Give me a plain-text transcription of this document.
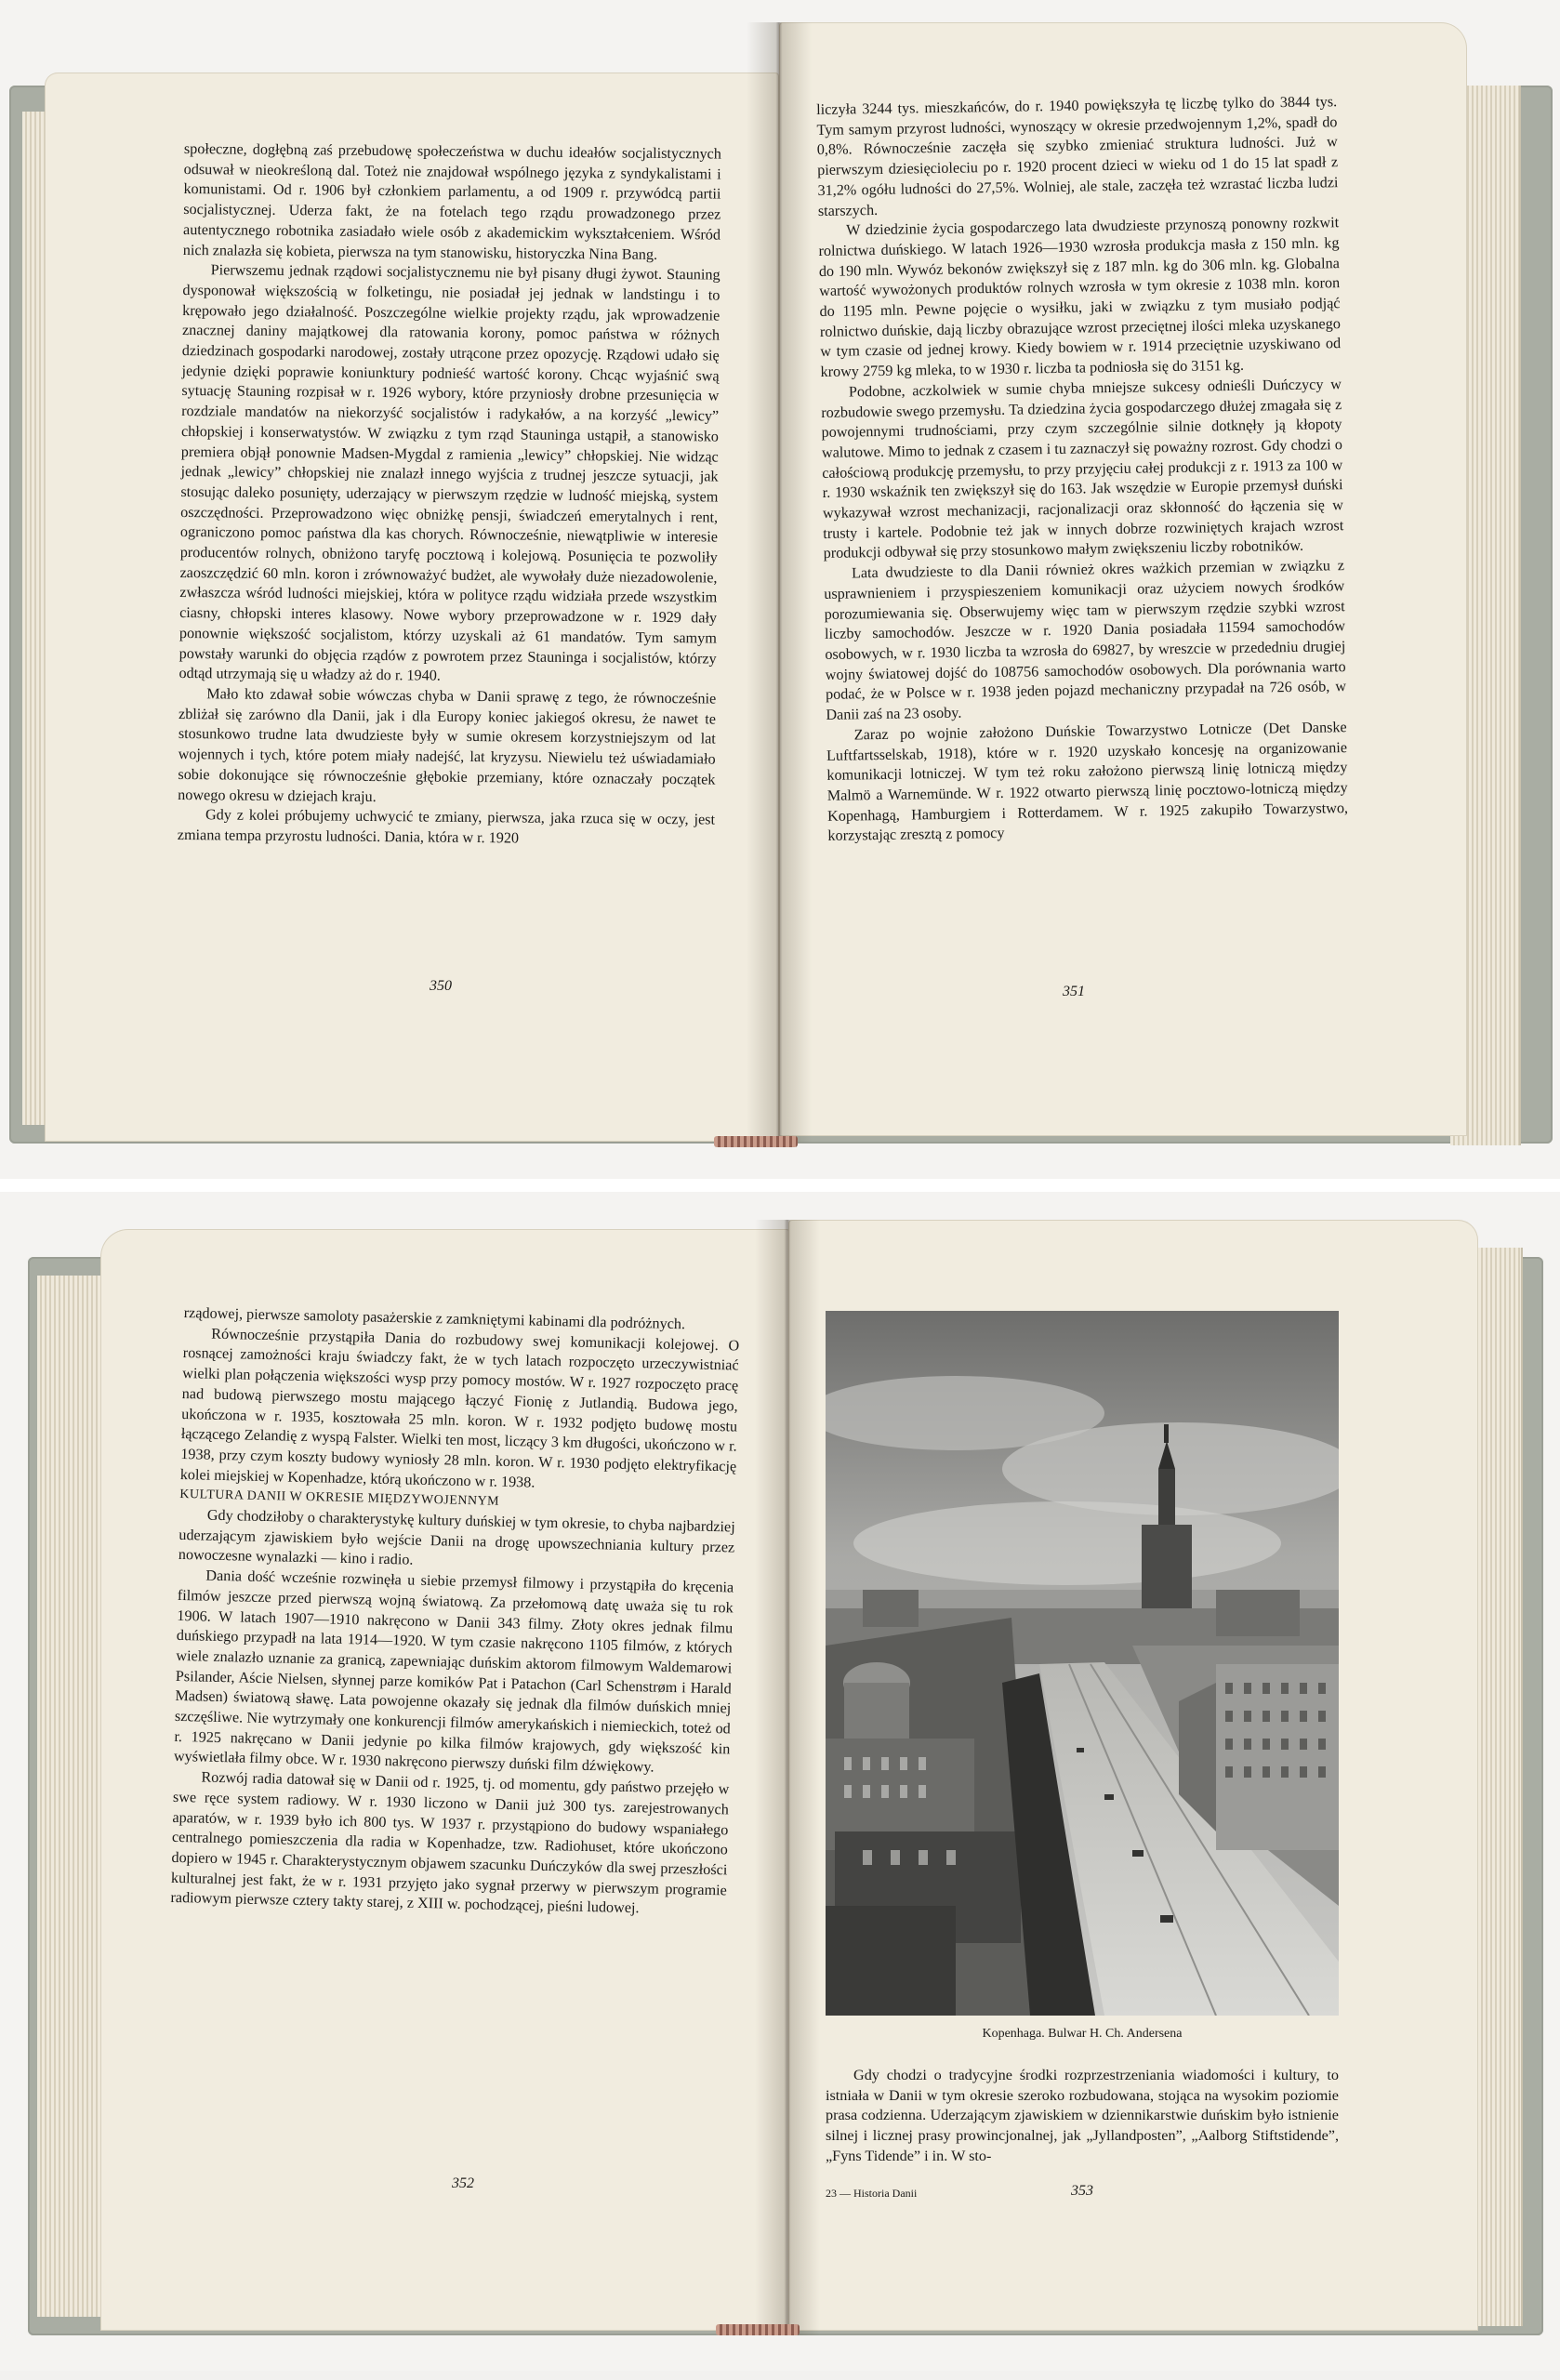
społeczne, dogłębną zaś przebudowę społeczeństwa w duchu ideałów socjalistycznych odsuwał w nieokreśloną dal. Toteż nie znajdował wspólnego języka z syndykalistami i komunistami. Od r. 1906 był członkiem parlamentu, a od 1909 r. przywódcą partii socjalistycznej. Uderza fakt, że na fotelach tego rządu prowadzonego przez autentycznego robotnika zasiadało wiele osób z akademickim wykształceniem. Wśród nich znalazła się kobieta, pierwsza na tym stanowisku, historyczka Nina Bang.

Pierwszemu jednak rządowi socjalistycznemu nie był pisany długi żywot. Stauning dysponował większością w folketingu, nie posiadał jej jednak w landstingu i to krępowało jego działalność. Poszczególne wielkie projekty rządu, jak wprowadzenie znacznej daniny majątkowej dla ratowania korony, pomoc państwa w różnych dziedzinach gospodarki narodowej, zostały utrącone przez opozycję. Rządowi udało się jedynie dzięki poprawie koniunktury podnieść wartość korony. Chcąc wyjaśnić swą sytuację Stauning rozpisał w r. 1926 wybory, które przyniosły drobne przesunięcia w rozdziale mandatów na niekorzyść socjalistów i radykałów, a na korzyść „lewicy” chłopskiej i konserwatystów. W związku z tym rząd Stauninga ustąpił, a stanowisko premiera objął ponownie Madsen-Mygdal z ramienia „lewicy” chłopskiej. Nie widząc jednak „lewicy” chłopskiej nie znalazł innego wyjścia z trudnej jeszcze sytuacji, jak stosując daleko posunięty, uderzający w pierwszym rzędzie w ludność miejską, system oszczędności. Przeprowadzono więc obniżkę pensji, świadczeń emerytalnych i rent, ograniczono pomoc państwa dla kas chorych. Równocześnie, niewątpliwie w interesie producentów rolnych, obniżono taryfę pocztową i kolejową. Posunięcia te pozwoliły zaoszczędzić 60 mln. koron i zrównoważyć budżet, ale wywołały duże niezadowolenie, zwłaszcza wśród ludności miejskiej, która w polityce rządu widziała przede wszystkim ciasny, chłopski interes klasowy. Nowe wybory przeprowadzone w r. 1929 dały ponownie większość socjalistom, którzy uzyskali aż 61 mandatów. Tym samym powstały warunki do objęcia rządów z powrotem przez Stauninga i socjalistów, którzy odtąd utrzymają się u władzy aż do r. 1940.

Mało kto zdawał sobie wówczas chyba w Danii sprawę z tego, że równocześnie zbliżał się zarówno dla Danii, jak i dla Europy koniec jakiegoś okresu, że nawet te stosunkowo trudne lata dwudzieste były w sumie okresem korzystniejszym od lat wojennych i tych, które potem miały nadejść, lat kryzysu. Niewielu też uświadamiało sobie dokonujące się równocześnie głębokie przemiany, które oznaczały początek nowego okresu w dziejach kraju.

Gdy z kolei próbujemy uchwycić te zmiany, pierwsza, jaka rzuca się w oczy, jest zmiana tempa przyrostu ludności. Dania, która w r. 1920

350

liczyła 3244 tys. mieszkańców, do r. 1940 powiększyła tę liczbę tylko do 3844 tys. Tym samym przyrost ludności, wynoszący w okresie przedwojennym 1,2%, spadł do 0,8%. Równocześnie zaczęła się szybko zmieniać struktura ludności. Już w pierwszym dziesięcioleciu po r. 1920 procent dzieci w wieku od 1 do 15 lat spadł z 31,2% ogółu ludności do 27,5%. Wolniej, ale stale, zaczęła też wzrastać liczba ludzi starszych.

W dziedzinie życia gospodarczego lata dwudzieste przynoszą ponowny rozkwit rolnictwa duńskiego. W latach 1926—1930 wzrosła produkcja masła z 150 mln. kg do 190 mln. Wywóz bekonów zwiększył się z 187 mln. kg do 306 mln. kg. Globalna wartość wywożonych produktów rolnych wzrosła w tym okresie z 1038 mln. koron do 1195 mln. Pewne pojęcie o wysiłku, jaki w związku z tym musiało podjąć rolnictwo duńskie, dają liczby obrazujące wzrost przeciętnej ilości mleka uzyskanego w tym czasie od jednej krowy. Kiedy bowiem w r. 1914 przeciętnie uzyskiwano od krowy 2759 kg mleka, to w 1930 r. liczba ta podniosła się do 3151 kg.

Podobne, aczkolwiek w sumie chyba mniejsze sukcesy odnieśli Duńczycy w rozbudowie swego przemysłu. Ta dziedzina życia gospodarczego dłużej zmagała się z powojennymi trudnościami, przy czym szczególnie silnie dotknęły ją kłopoty walutowe. Mimo to jednak z czasem i tu zaznaczył się poważny rozrost. Gdy chodzi o całościową produkcję przemysłu, to przy przyjęciu całej produkcji z r. 1913 za 100 w r. 1930 wskaźnik ten zwiększył się do 163. Jak wszędzie w Europie przemysł duński wykazywał wzrost mechanizacji, racjonalizacji oraz skłonność do łączenia się w trusty i kartele. Podobnie też jak w innych dobrze rozwiniętych krajach wzrost produkcji odbywał się przy stosunkowo małym zwiększeniu liczby robotników.

Lata dwudzieste to dla Danii również okres ważkich przemian w związku z usprawnieniem i przyspieszeniem komunikacji oraz użyciem nowych środków porozumiewania się. Obserwujemy więc tam w pierwszym rzędzie szybki wzrost liczby samochodów. Jeszcze w r. 1920 Dania posiadała 11594 samochodów osobowych, w r. 1930 liczba ta wzrosła do 69827, by wreszcie w przededniu drugiej wojny światowej dojść do 108756 samochodów osobowych. Dla porównania warto podać, że w Polsce w r. 1938 jeden pojazd mechaniczny przypadał na 726 osób, w Danii zaś na 23 osoby.

Zaraz po wojnie założono Duńskie Towarzystwo Lotnicze (Det Danske Luftfartsselskab, 1918), które w r. 1920 uzyskało koncesję na organizowanie komunikacji lotniczej. W tym też roku założono pierwszą linię lotniczą między Malmö a Warnemünde. W r. 1922 otwarto pierwszą linię pocztowo-lotniczą między Kopenhagą, Hamburgiem i Rotterdamem. W r. 1925 zakupiło Towarzystwo, korzystając zresztą z pomocy

351

rządowej, pierwsze samoloty pasażerskie z zamkniętymi kabinami dla podróżnych.

Równocześnie przystąpiła Dania do rozbudowy swej komunikacji kolejowej. O rosnącej zamożności kraju świadczy fakt, że w tych latach rozpoczęto urzeczywistniać wielki plan połączenia większości wysp przy pomocy mostów. W r. 1927 rozpoczęto pracę nad budową pierwszego mostu mającego łączyć Fionię z Jutlandią. Budowa jego, ukończona w r. 1935, kosztowała 25 mln. koron. W r. 1932 podjęto budowę mostu łączącego Zelandię z wyspą Falster. Wielki ten most, liczący 3 km długości, ukończono w r. 1938, przy czym koszty budowy wyniosły 28 mln. koron. W r. 1930 podjęto elektryfikację kolei miejskiej w Kopenhadze, którą ukończono w r. 1938.

KULTURA DANII W OKRESIE MIĘDZYWOJENNYM

Gdy chodziłoby o charakterystykę kultury duńskiej w tym okresie, to chyba najbardziej uderzającym zjawiskiem było wejście Danii na drogę upowszechniania kultury przez nowoczesne wynalazki — kino i radio.

Dania dość wcześnie rozwinęła u siebie przemysł filmowy i przystąpiła do kręcenia filmów jeszcze przed pierwszą wojną światową. Za przełomową datę uważa się tu rok 1906. W latach 1907—1910 nakręcono w Danii 343 filmy. Złoty okres jednak filmu duńskiego przypadł na lata 1914—1920. W tym czasie nakręcono 1105 filmów, z których wiele znalazło uznanie za granicą, zapewniając duńskim aktorom filmowym Waldemarowi Psilander, Aście Nielsen, słynnej parze komików Pat i Patachon (Carl Schenstrøm i Harald Madsen) światową sławę. Lata powojenne okazały się jednak dla filmów duńskich mniej szczęśliwe. Nie wytrzymały one konkurencji filmów amerykańskich i niemieckich, toteż od r. 1925 nakręcano w Danii jedynie po kilka filmów krajowych, gdy większość kin wyświetlała filmy obce. W r. 1930 nakręcono pierwszy duński film dźwiękowy.

Rozwój radia datował się w Danii od r. 1925, tj. od momentu, gdy państwo przejęło w swe ręce system radiowy. W r. 1930 liczono w Danii już 300 tys. zarejestrowanych aparatów, w r. 1939 było ich 800 tys. W 1937 r. przystąpiono do budowy wspaniałego centralnego pomieszczenia dla radia w Kopenhadze, tzw. Radiohuset, które ukończono dopiero w 1945 r. Charakterystycznym objawem szacunku Duńczyków dla swej przeszłości kulturalnej jest fakt, że w r. 1931 przyjęto jako sygnał przerwy w pierwszym programie radiowym pierwsze cztery takty starej, z XIII w. pochodzącej, pieśni ludowej.

352
Kopenhaga. Bulwar H. Ch. Andersena

Gdy chodzi o tradycyjne środki rozprzestrzeniania wiadomości i kultury, to istniała w Danii w tym okresie szeroko rozbudowana, stojąca na wysokim poziomie prasa codzienna. Uderzającym zjawiskiem w dziennikarstwie duńskim było istnienie silnej i licznej prasy prowincjonalnej, jak „Jyllandposten”, „Aalborg Stiftstidende”, „Fyns Tidende” i in. W sto-

23 — Historia Danii	353
